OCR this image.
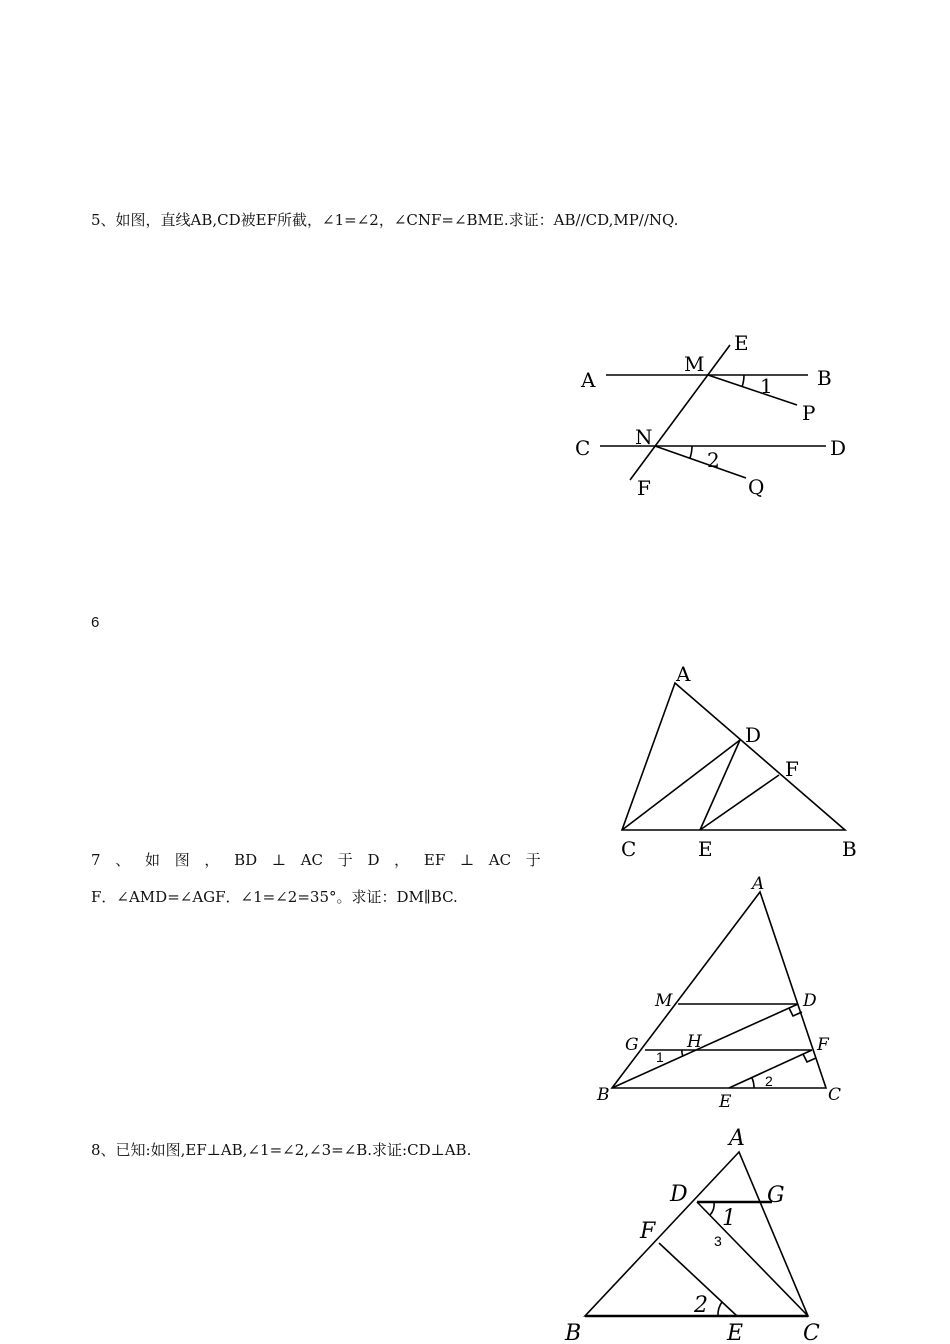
5、如图，直线AB,CD被EF所截，∠1=∠2，∠CNF=∠BME.求证：AB//CD,MP//NQ.
A	B
C	D
E
F
M
N
P
Q
1
2
6
A
D
F
C	E	B
7 、 如 图 ， BD ⊥ AC 于 D ， EF ⊥ AC 于
F．∠AMD=∠AGF．∠1=∠2=35°。求证：DM∥BC.
A
M	D
G	H	F
B	E	C
1
2
8、已知:如图,EF⊥AB,∠1=∠2,∠3=∠B.求证:CD⊥AB.	A
D	G
F
1
3
2
B	E	C
